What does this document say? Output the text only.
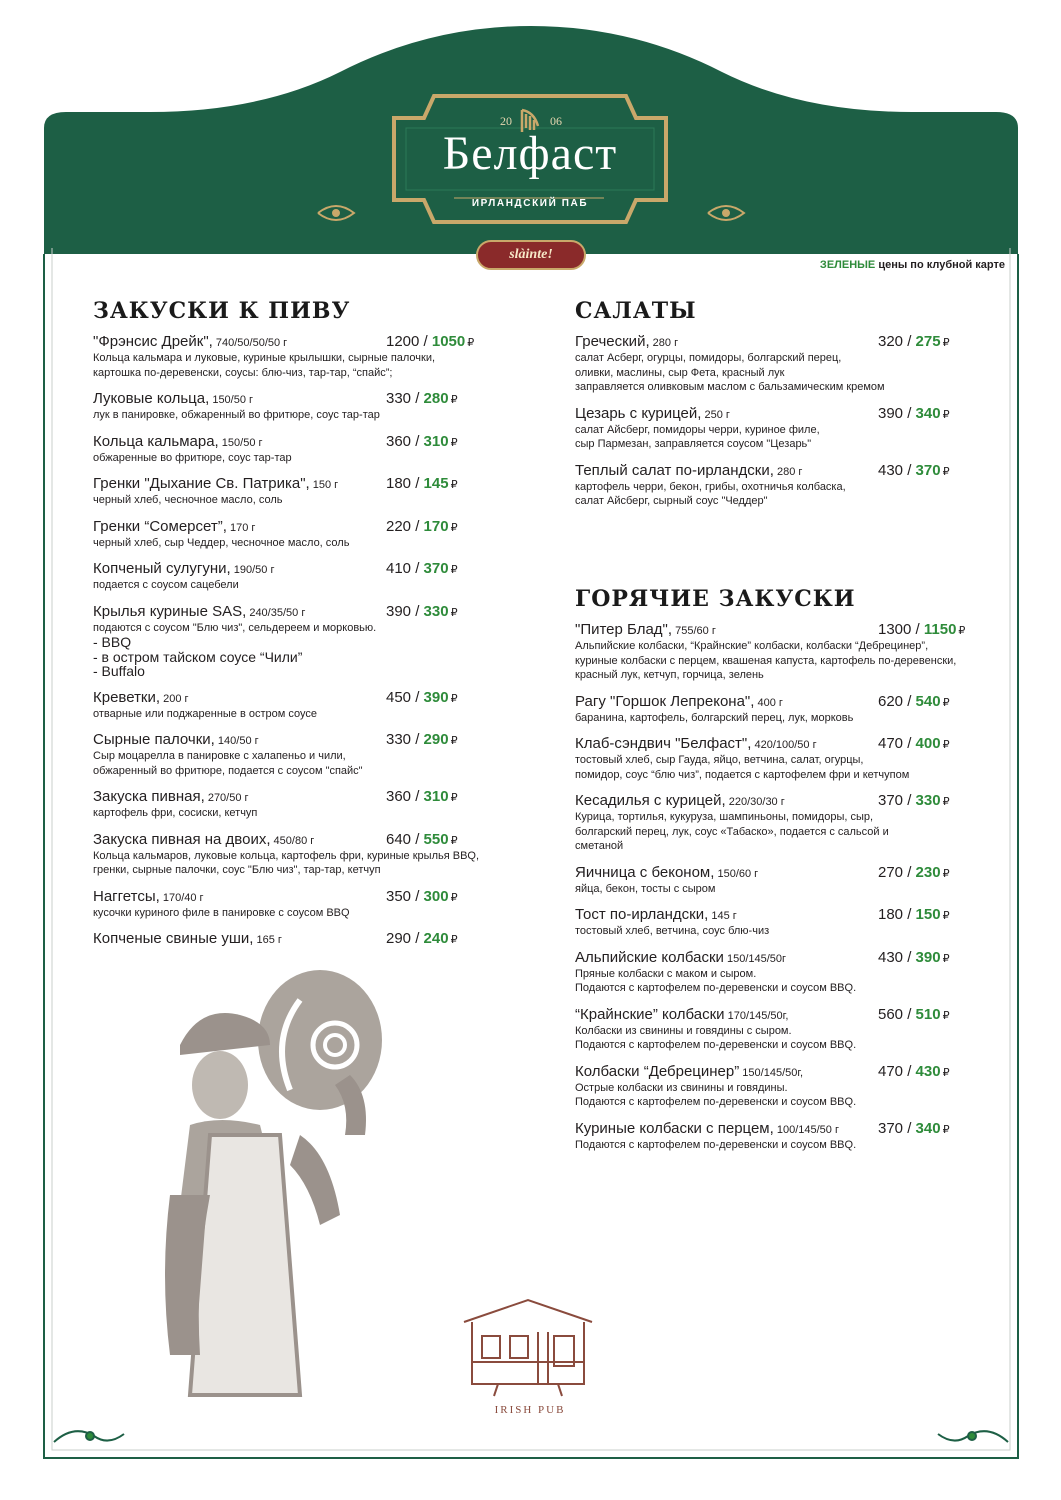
20	06
Белфаст
ИРЛАНДСКИЙ ПАБ
slàinte!
ЗЕЛЕНЫЕ цены по клубной карте
ЗАКУСКИ К ПИВУ	САЛАТЫ
ГОРЯЧИЕ ЗАКУСКИ
"Фрэнсис Дрейк", 740/50/50/50 г	1200 / 1050 ₽
Кольца кальмара и луковые, куриные крылышки, сырные палочки,
картошка по-деревенски, соусы: блю-чиз, тар-тар, “спайс”;
Луковые кольца, 150/50 г	330 / 280 ₽
лук в панировке, обжаренный во фритюре, соус тар-тар
Кольца кальмара, 150/50 г	360 / 310 ₽
обжаренные во фритюре, соус тар-тар
Гренки "Дыхание Св. Патрика", 150 г	180 / 145 ₽
черный хлеб, чесночное масло, соль
Гренки “Сомерсет”, 170 г	220 / 170 ₽
черный хлеб, сыр Чеддер, чесночное масло, соль
Копченый сулугуни, 190/50 г	410 / 370 ₽
подается с соусом сацебели
Крылья куриные SAS, 240/35/50 г	390 / 330 ₽
подаются с соусом "Блю чиз", сельдереем и морковью.
- BBQ
- в остром тайском соусе “Чили”
- Buffalo
Креветки, 200 г	450 / 390 ₽
отварные или поджаренные в остром соусе
Сырные палочки, 140/50 г	330 / 290 ₽
Сыр моцарелла в панировке с халапеньо и чили,
обжаренный во фритюре, подается с соусом "спайс"
Закуска пивная, 270/50 г	360 / 310 ₽
картофель фри, сосиски, кетчуп
Закуска пивная на двоих, 450/80 г	640 / 550 ₽
Кольца кальмаров, луковые кольца, картофель фри, куриные крылья BBQ,
гренки, сырные палочки, соус "Блю чиз", тар-тар, кетчуп
Наггетсы, 170/40 г	350 / 300 ₽
кусочки куриного филе в панировке с соусом BBQ
Копченые свиные уши, 165 г	290 / 240 ₽
Греческий, 280 г	320 / 275 ₽
салат Асберг, огурцы, помидоры, болгарский перец,
оливки, маслины, сыр Фета, красный лук
заправляется оливковым маслом с бальзамическим кремом
Цезарь с курицей, 250 г	390 / 340 ₽
салат Айсберг, помидоры черри, куриное филе,
сыр Пармезан, заправляется соусом "Цезарь"
Теплый салат по-ирландски, 280 г	430 / 370 ₽
картофель черри, бекон, грибы, охотничья колбаска,
салат Айсберг, сырный соус "Чеддер"
"Питер Блад", 755/60 г	1300 / 1150 ₽
Альпийские колбаски, “Крайнские” колбаски, колбаски “Дебрецинер”,
куриные колбаски с перцем, квашеная капуста, картофель по-деревенски,
красный лук, кетчуп, горчица, зелень
Рагу "Горшок Лепрекона", 400 г	620 / 540 ₽
баранина, картофель, болгарский перец, лук, морковь
Клаб-сэндвич "Белфаст", 420/100/50 г	470 / 400 ₽
тостовый хлеб, сыр Гауда, яйцо, ветчина, салат, огурцы,
помидор, соус “блю чиз”, подается с картофелем фри и кетчупом
Кесадилья с курицей, 220/30/30 г	370 / 330 ₽
Курица, тортилья, кукуруза, шампиньоны, помидоры, сыр,
болгарский перец, лук, соус «Табаско», подается с сальсой и
сметаной
Яичница с беконом, 150/60 г	270 / 230 ₽
яйца, бекон, тосты с сыром
Тост по-ирландски, 145 г	180 / 150 ₽
тостовый хлеб, ветчина, соус блю-чиз
Альпийские колбаски 150/145/50г	430 / 390 ₽
Пряные колбаски с маком и сыром.
Подаются с картофелем по-деревенски и соусом BBQ.
“Крайнские” колбаски 170/145/50г,	560 / 510 ₽
Колбаски из свинины и говядины с сыром.
Подаются с картофелем по-деревенски и соусом BBQ.
Колбаски “Дебрецинер” 150/145/50г,	470 / 430 ₽
Острые колбаски из свинины и говядины.
Подаются с картофелем по-деревенски и соусом BBQ.
Куриные колбаски с перцем, 100/145/50 г	370 / 340 ₽
Подаются с картофелем по-деревенски и соусом BBQ.
IRISH PUB
